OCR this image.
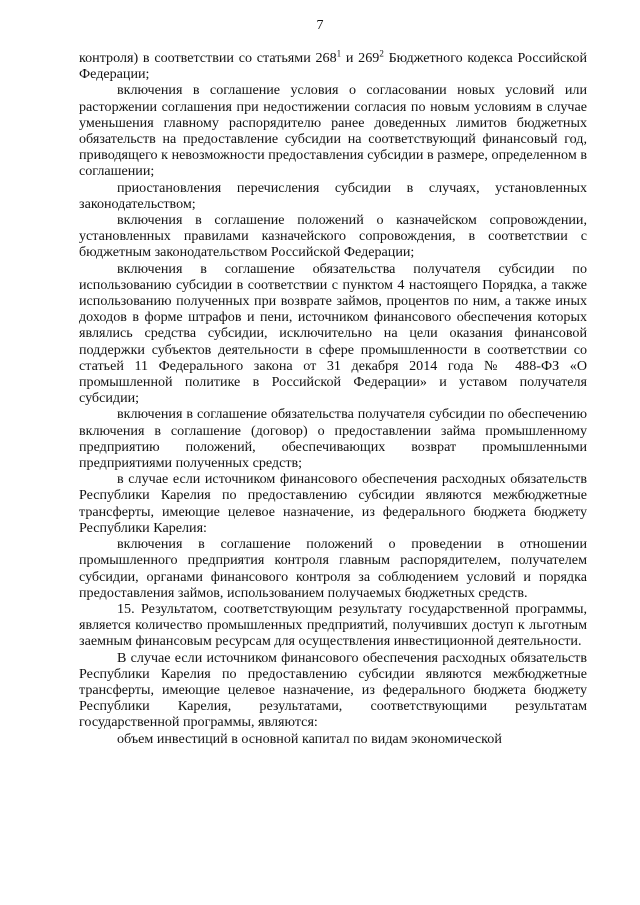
7

контроля) в соответствии со статьями $268^1$ и $269^2$ Бюджетного кодекса Российской Федерации;

включения в соглашение условия о согласовании новых условий или расторжении соглашения при недостижении согласия по новым условиям в случае уменьшения главному распорядителю ранее доведенных лимитов бюджетных обязательств на предоставление субсидии на соответствующий финансовый год, приводящего к невозможности предоставления субсидии в размере, определенном в соглашении;

приостановления перечисления субсидии в случаях, установленных законодательством;

включения в соглашение положений о казначейском сопровождении, установленных правилами казначейского сопровождения, в соответствии с бюджетным законодательством Российской Федерации;

включения в соглашение обязательства получателя субсидии по использованию субсидии в соответствии с пунктом 4 настоящего Порядка, а также использованию полученных при возврате займов, процентов по ним, а также иных доходов в форме штрафов и пени, источником финансового обеспечения которых являлись средства субсидии, исключительно на цели оказания финансовой поддержки субъектов деятельности в сфере промышленности в соответствии со статьей 11 Федерального закона от 31 декабря 2014 года № 488-ФЗ «О промышленной политике в Российской Федерации» и уставом получателя субсидии;

включения в соглашение обязательства получателя субсидии по обеспечению включения в соглашение (договор) о предоставлении займа промышленному предприятию положений, обеспечивающих возврат промышленными предприятиями полученных средств;

в случае если источником финансового обеспечения расходных обязательств Республики Карелия по предоставлению субсидии являются межбюджетные трансферты, имеющие целевое назначение, из федерального бюджета бюджету Республики Карелия:

включения в соглашение положений о проведении в отношении промышленного предприятия контроля главным распорядителем, получателем субсидии, органами финансового контроля за соблюдением условий и порядка предоставления займов, использованием получаемых бюджетных средств.

15. Результатом, соответствующим результату государственной программы, является количество промышленных предприятий, получивших доступ к льготным заемным финансовым ресурсам для осуществления инвестиционной деятельности.

В случае если источником финансового обеспечения расходных обязательств Республики Карелия по предоставлению субсидии являются межбюджетные трансферты, имеющие целевое назначение, из федерального бюджета бюджету Республики Карелия, результатами, соответствующими результатам государственной программы, являются:

объем инвестиций в основной капитал по видам экономической
